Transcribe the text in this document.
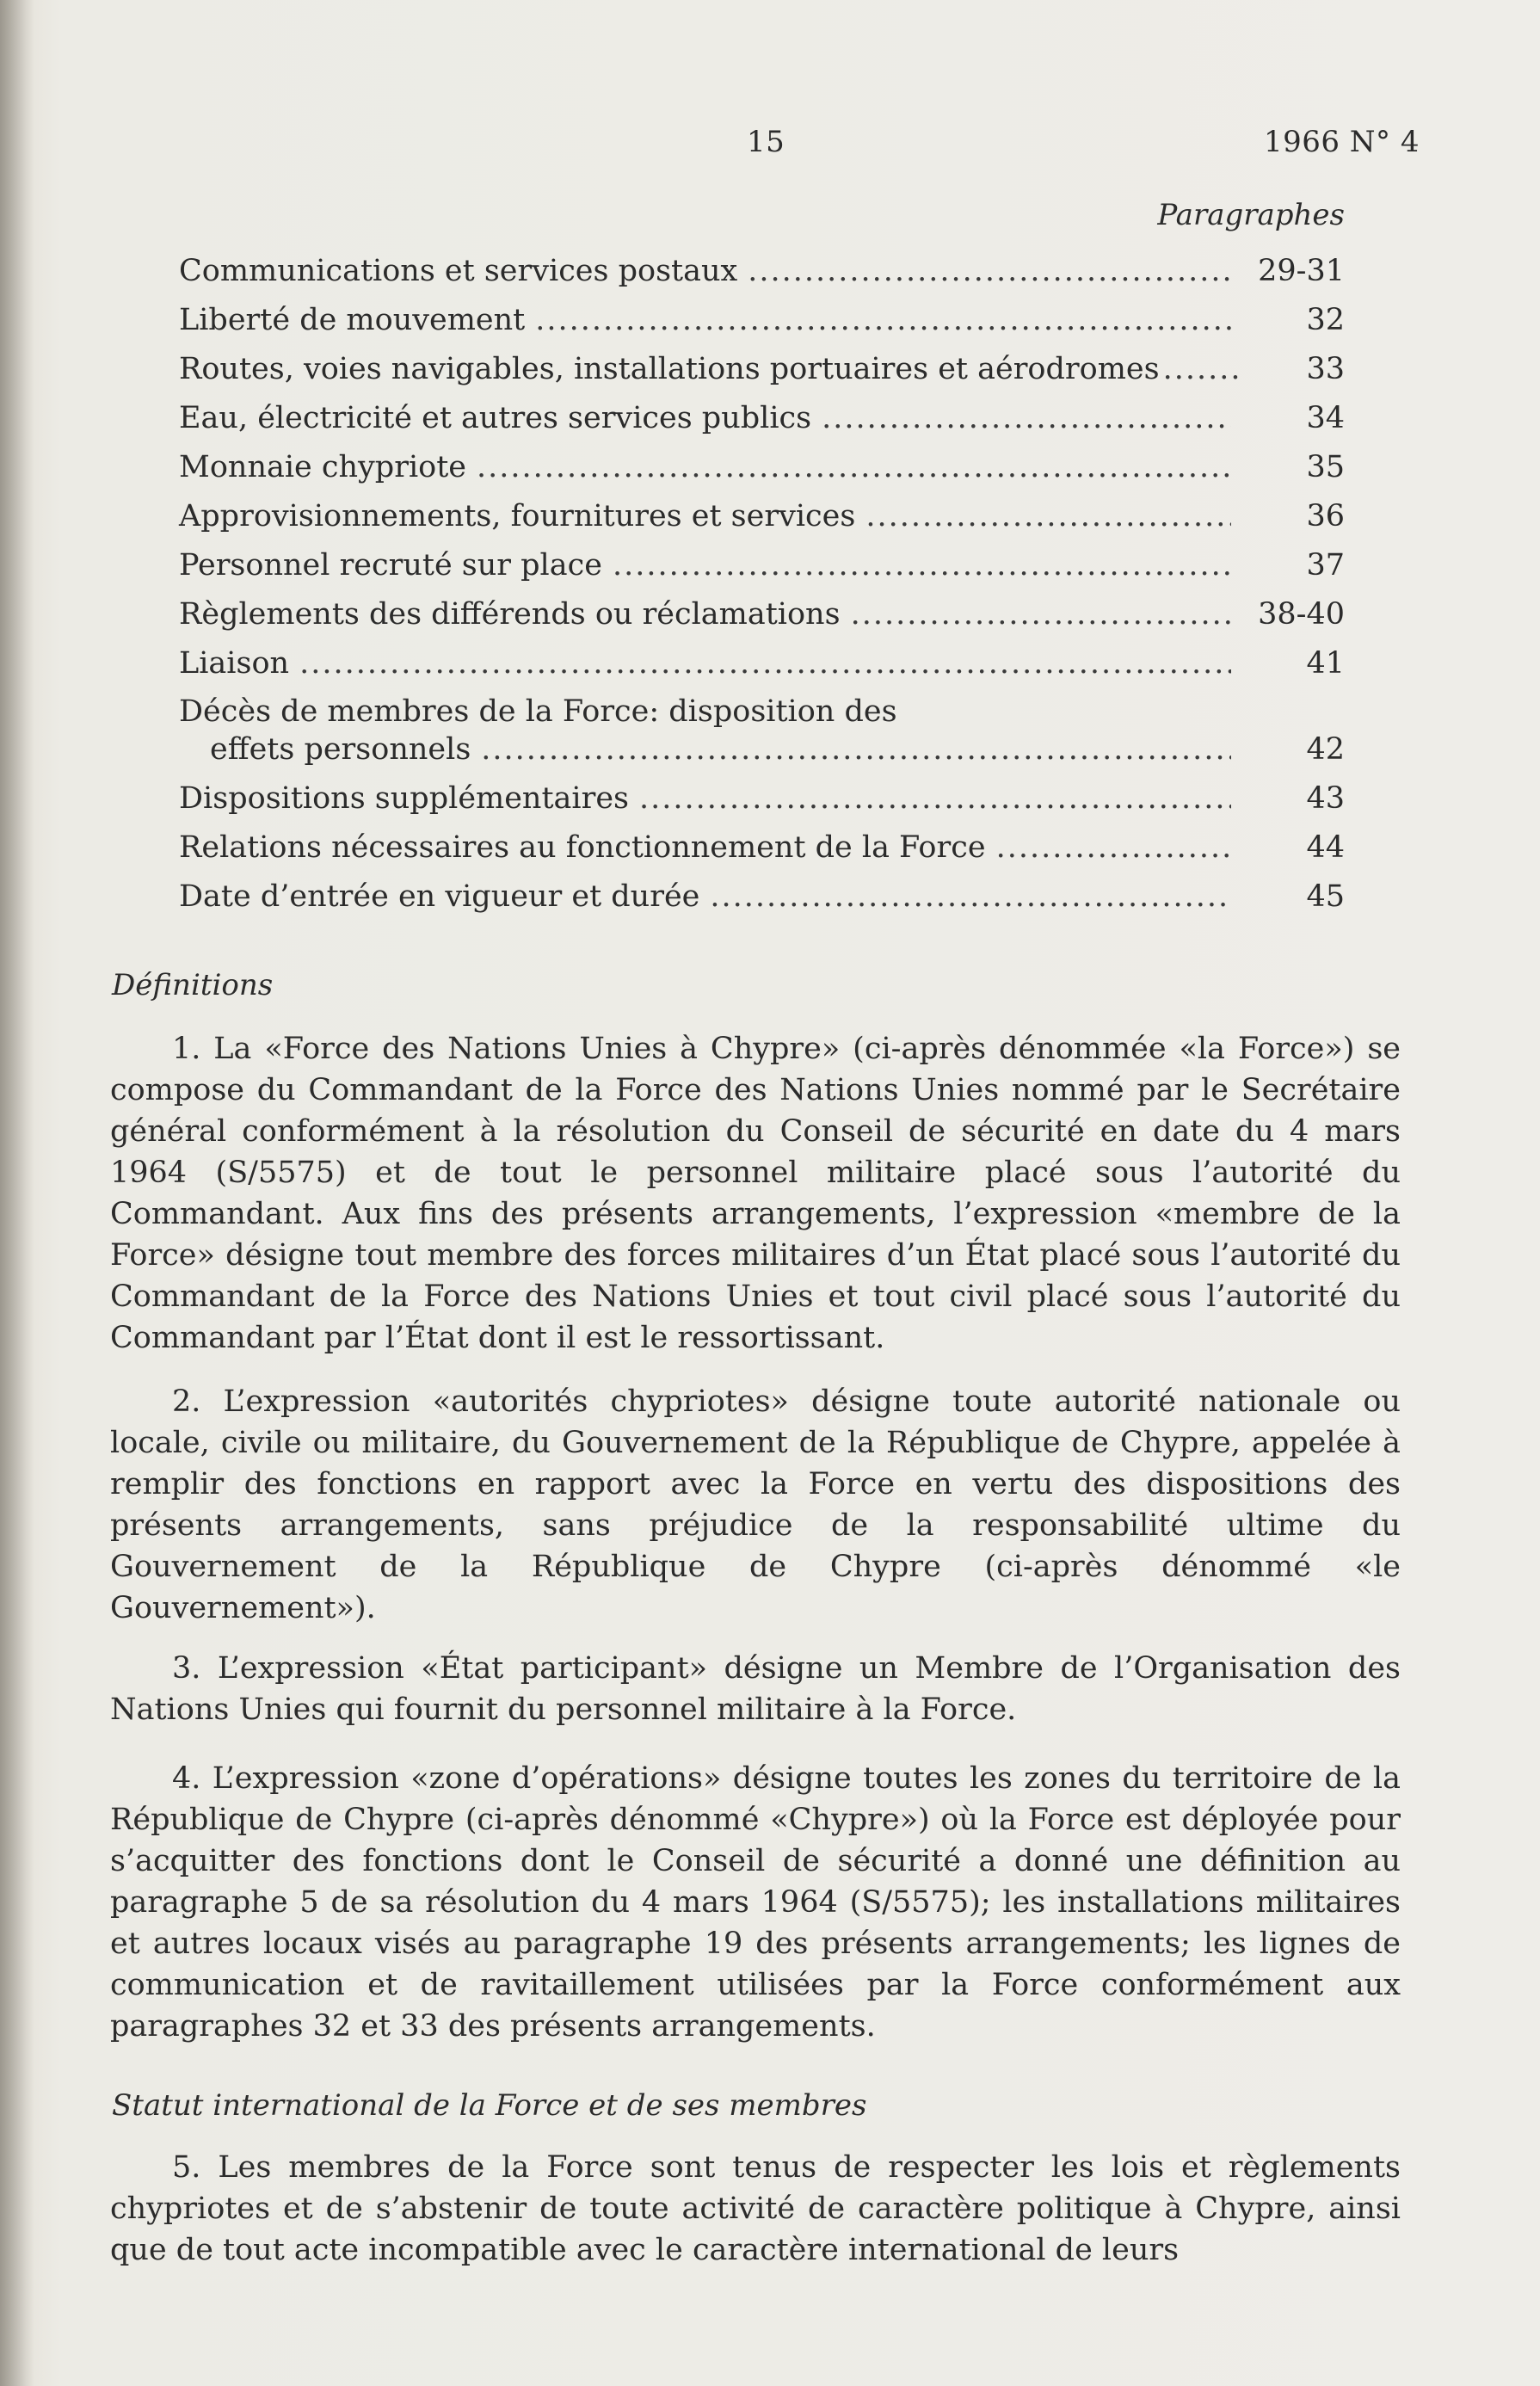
15	1966 N° 4
Paragraphes
Communications et services postaux .....	29-31
Liberté de mouvement .....	32
Routes, voies navigables, installations portuaires et aérodromes .....	33
Eau, électricité et autres services publics .....	34
Monnaie chypriote .....	35
Approvisionnements, fournitures et services .....	36
Personnel recruté sur place .....	37
Règlements des différends ou réclamations .....	38-40
Liaison .....	41
Décès de membres de la Force: disposition des
effets personnels .....	42
Dispositions supplémentaires .....	43
Relations nécessaires au fonctionnement de la Force .....	44
Date d’entrée en vigueur et durée .....	45
Définitions

1. La «Force des Nations Unies à Chypre» (ci-après dénommée «la Force») se compose du Commandant de la Force des Nations Unies nommé par le Secrétaire général conformément à la résolution du Conseil de sécurité en date du 4 mars 1964 (S/5575) et de tout le personnel militaire placé sous l’autorité du Commandant. Aux fins des présents arrangements, l’expression «membre de la Force» désigne tout membre des forces militaires d’un État placé sous l’autorité du Commandant de la Force des Nations Unies et tout civil placé sous l’autorité du Commandant par l’État dont il est le ressortissant.

2. L’expression «autorités chypriotes» désigne toute autorité nationale ou locale, civile ou militaire, du Gouvernement de la République de Chypre, appelée à remplir des fonctions en rapport avec la Force en vertu des dispositions des présents arrangements, sans préjudice de la responsabilité ultime du Gouvernement de la République de Chypre (ci-après dénommé «le Gouvernement»).

3. L’expression «État participant» désigne un Membre de l’Organisation des Nations Unies qui fournit du personnel militaire à la Force.

4. L’expression «zone d’opérations» désigne toutes les zones du territoire de la République de Chypre (ci-après dénommé «Chypre») où la Force est déployée pour s’acquitter des fonctions dont le Conseil de sécurité a donné une définition au paragraphe 5 de sa résolution du 4 mars 1964 (S/5575); les installations militaires et autres locaux visés au paragraphe 19 des présents arrangements; les lignes de communication et de ravitaillement utilisées par la Force conformément aux paragraphes 32 et 33 des présents arrangements.

Statut international de la Force et de ses membres

5. Les membres de la Force sont tenus de respecter les lois et règlements chypriotes et de s’abstenir de toute activité de caractère politique à Chypre, ainsi que de tout acte incompatible avec le caractère international de leurs
